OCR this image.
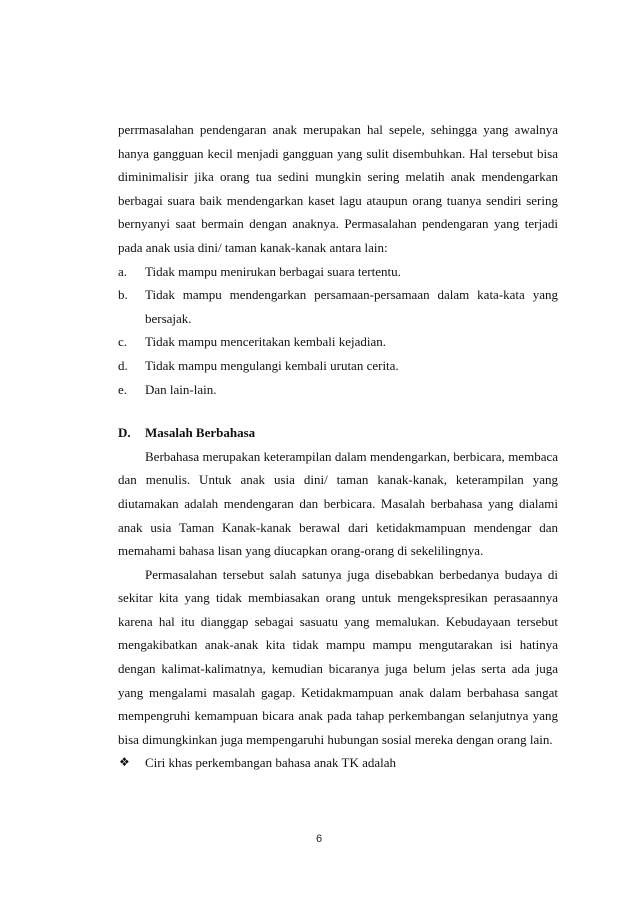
perrmasalahan pendengaran anak merupakan hal sepele, sehingga yang awalnya hanya gangguan kecil menjadi gangguan yang sulit disembuhkan. Hal tersebut bisa diminimalisir jika orang tua sedini mungkin sering melatih anak mendengarkan berbagai suara baik mendengarkan kaset lagu ataupun orang tuanya sendiri sering bernyanyi saat bermain dengan anaknya. Permasalahan pendengaran yang terjadi pada anak usia dini/ taman kanak-kanak antara lain:

a. Tidak mampu menirukan berbagai suara tertentu.
b. Tidak mampu mendengarkan persamaan-persamaan dalam kata-kata yang bersajak.
c. Tidak mampu menceritakan kembali kejadian.
d. Tidak mampu mengulangi kembali urutan cerita.
e. Dan lain-lain.
D. Masalah Berbahasa

Berbahasa merupakan keterampilan dalam mendengarkan, berbicara, membaca dan menulis. Untuk anak usia dini/ taman kanak-kanak, keterampilan yang diutamakan adalah mendengaran dan berbicara. Masalah berbahasa yang dialami anak usia Taman Kanak-kanak berawal dari ketidakmampuan mendengar dan memahami bahasa lisan yang diucapkan orang-orang di sekelilingnya.

Permasalahan tersebut salah satunya juga disebabkan berbedanya budaya di sekitar kita yang tidak membiasakan orang untuk mengekspresikan perasaannya karena hal itu dianggap sebagai sasuatu yang memalukan. Kebudayaan tersebut mengakibatkan anak-anak kita tidak mampu mampu mengutarakan isi hatinya dengan kalimat-kalimatnya, kemudian bicaranya juga belum jelas serta ada juga yang mengalami masalah gagap. Ketidakmampuan anak dalam berbahasa sangat mempengruhi kemampuan bicara anak pada tahap perkembangan selanjutnya yang bisa dimungkinkan juga mempengaruhi hubungan sosial mereka dengan orang lain.

❖ Ciri khas perkembangan bahasa anak TK adalah
6
